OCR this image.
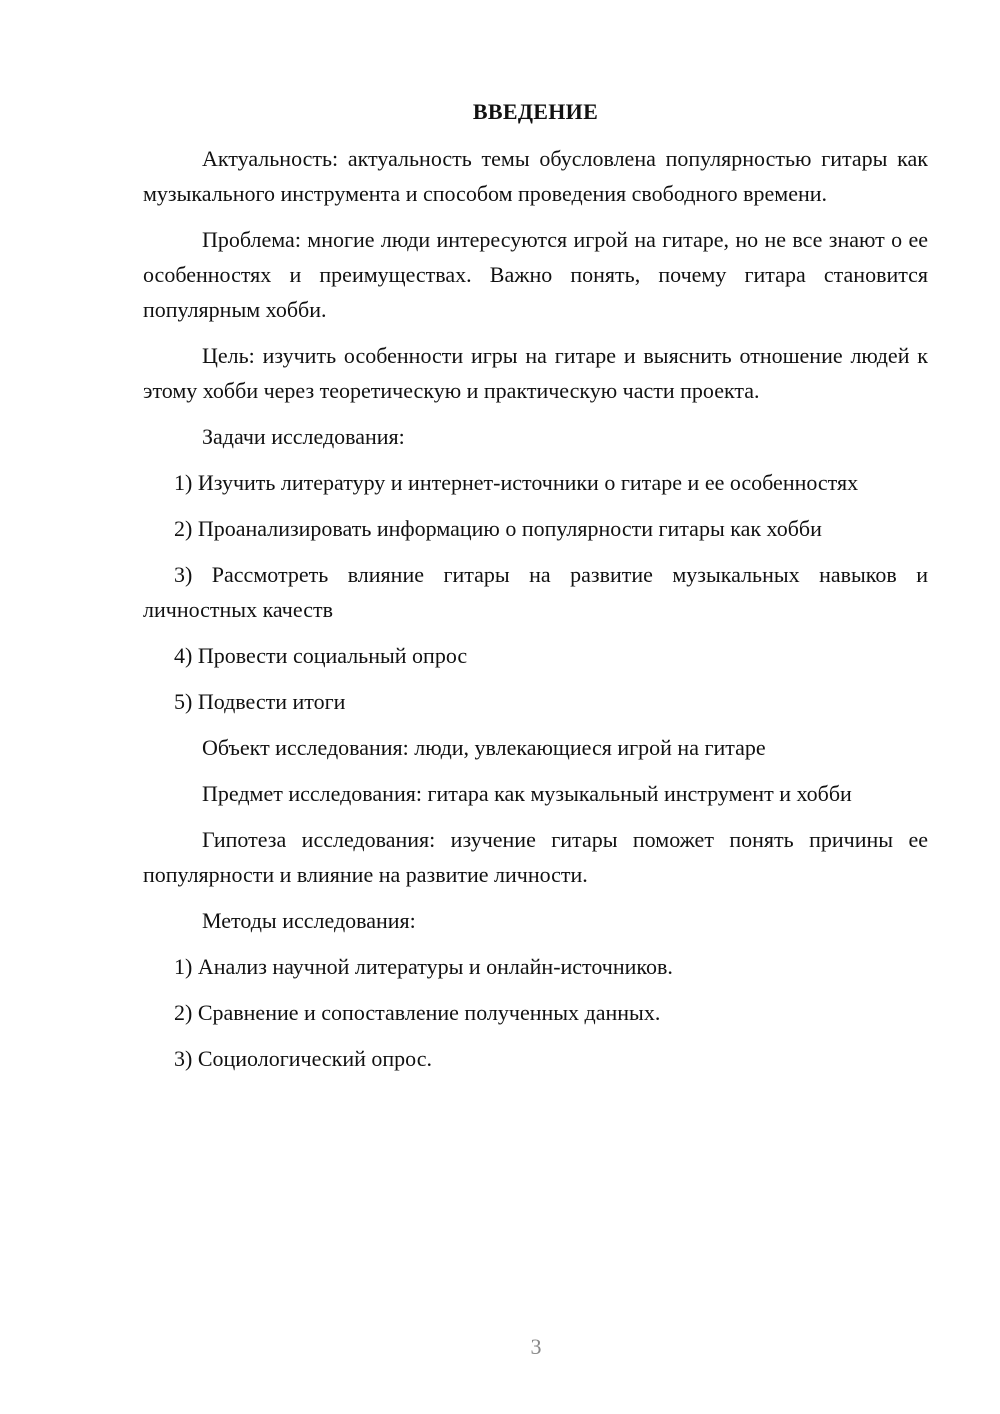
ВВЕДЕНИЕ

Актуальность: актуальность темы обусловлена популярностью гитары как музыкального инструмента и способом проведения свободного времени.

Проблема: многие люди интересуются игрой на гитаре, но не все знают о ее особенностях и преимуществах. Важно понять, почему гитара становится популярным хобби.

Цель: изучить особенности игры на гитаре и выяснить отношение людей к этому хобби через теоретическую и практическую части проекта.

Задачи исследования:

1) Изучить литературу и интернет-источники о гитаре и ее особенностях

2) Проанализировать информацию о популярности гитары как хобби

3) Рассмотреть влияние гитары на развитие музыкальных навыков и личностных качеств

4) Провести социальный опрос

5) Подвести итоги

Объект исследования: люди, увлекающиеся игрой на гитаре

Предмет исследования: гитара как музыкальный инструмент и хобби

Гипотеза исследования: изучение гитары поможет понять причины ее популярности и влияние на развитие личности.

Методы исследования:

1) Анализ научной литературы и онлайн-источников.

2) Сравнение и сопоставление полученных данных.

3) Социологический опрос.

3
